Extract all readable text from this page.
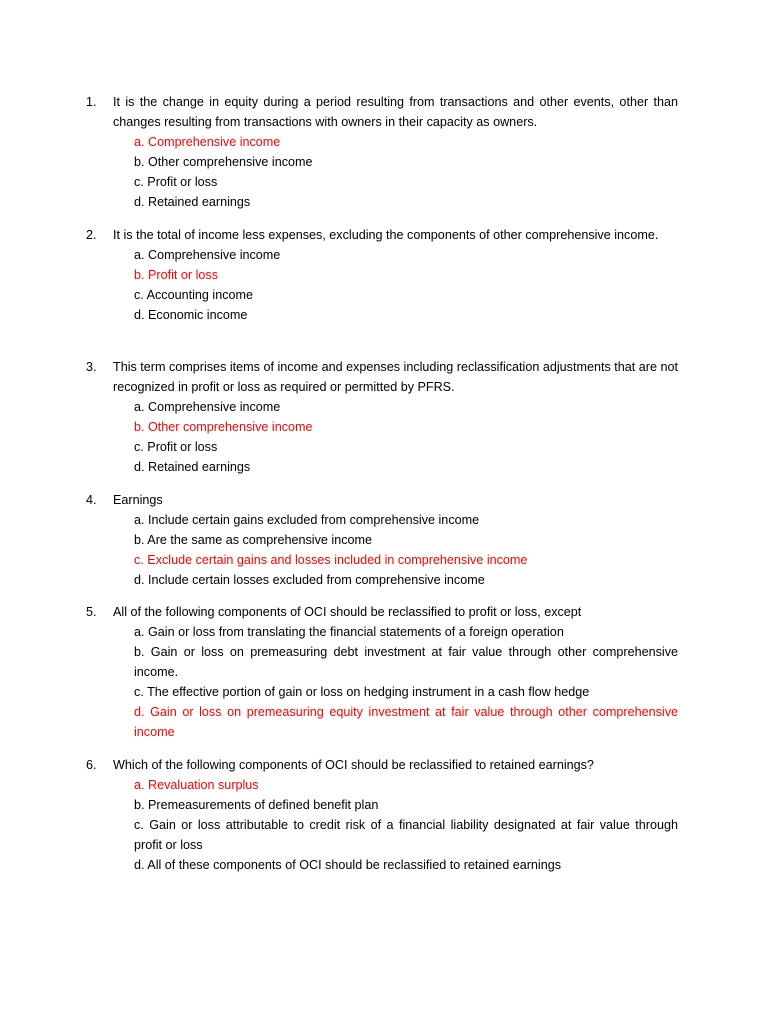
1.	It is the change in equity during a period resulting from transactions and other events, other than changes resulting from transactions with owners in their capacity as owners.
a. Comprehensive income
b. Other comprehensive income
c. Profit or loss
d. Retained earnings
2.	It is the total of income less expenses, excluding the components of other comprehensive income.
a. Comprehensive income
b. Profit or loss
c. Accounting income
d. Economic income
3.	This term comprises items of income and expenses including reclassification adjustments that are not recognized in profit or loss as required or permitted by PFRS.
a. Comprehensive income
b. Other comprehensive income
c. Profit or loss
d. Retained earnings
4.	Earnings
a. Include certain gains excluded from comprehensive income
b. Are the same as comprehensive income
c. Exclude certain gains and losses included in comprehensive income
d. Include certain losses excluded from comprehensive income
5.	All of the following components of OCI should be reclassified to profit or loss, except
a. Gain or loss from translating the financial statements of a foreign operation
b. Gain or loss on premeasuring debt investment at fair value through other comprehensive income.
c. The effective portion of gain or loss on hedging instrument in a cash flow hedge
d. Gain or loss on premeasuring equity investment at fair value through other comprehensive income
6.	Which of the following components of OCI should be reclassified to retained earnings?
a. Revaluation surplus
b. Premeasurements of defined benefit plan
c. Gain or loss attributable to credit risk of a financial liability designated at fair value through profit or loss
d. All of these components of OCI should be reclassified to retained earnings
